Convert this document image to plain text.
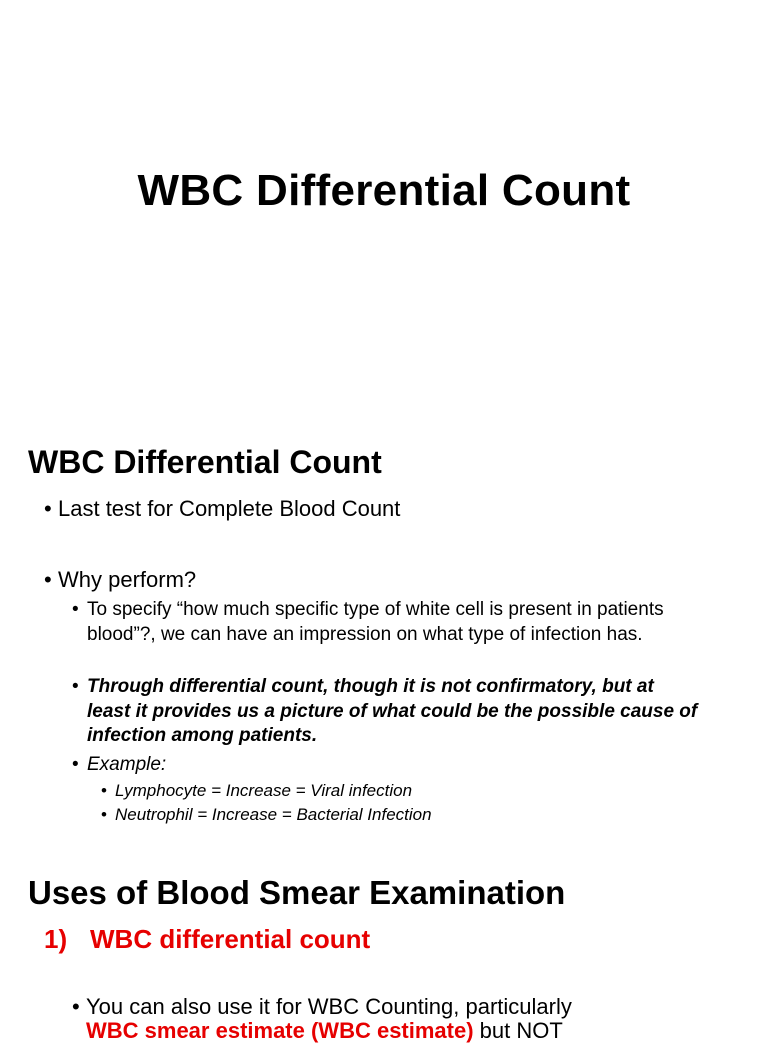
WBC Differential Count
WBC Differential Count
• Last test for Complete Blood Count
• Why perform?
• To specify “how much specific type of white cell is present in patients blood”?, we can have an impression on what type of infection has.
• Through differential count, though it is not confirmatory, but at least it provides us a picture of what could be the possible cause of infection among patients.
• Example:
• Lymphocyte = Increase = Viral infection
• Neutrophil = Increase = Bacterial Infection
Uses of Blood Smear Examination
1) WBC differential count
• You can also use it for WBC Counting, particularly
WBC smear estimate (WBC estimate) but NOT
